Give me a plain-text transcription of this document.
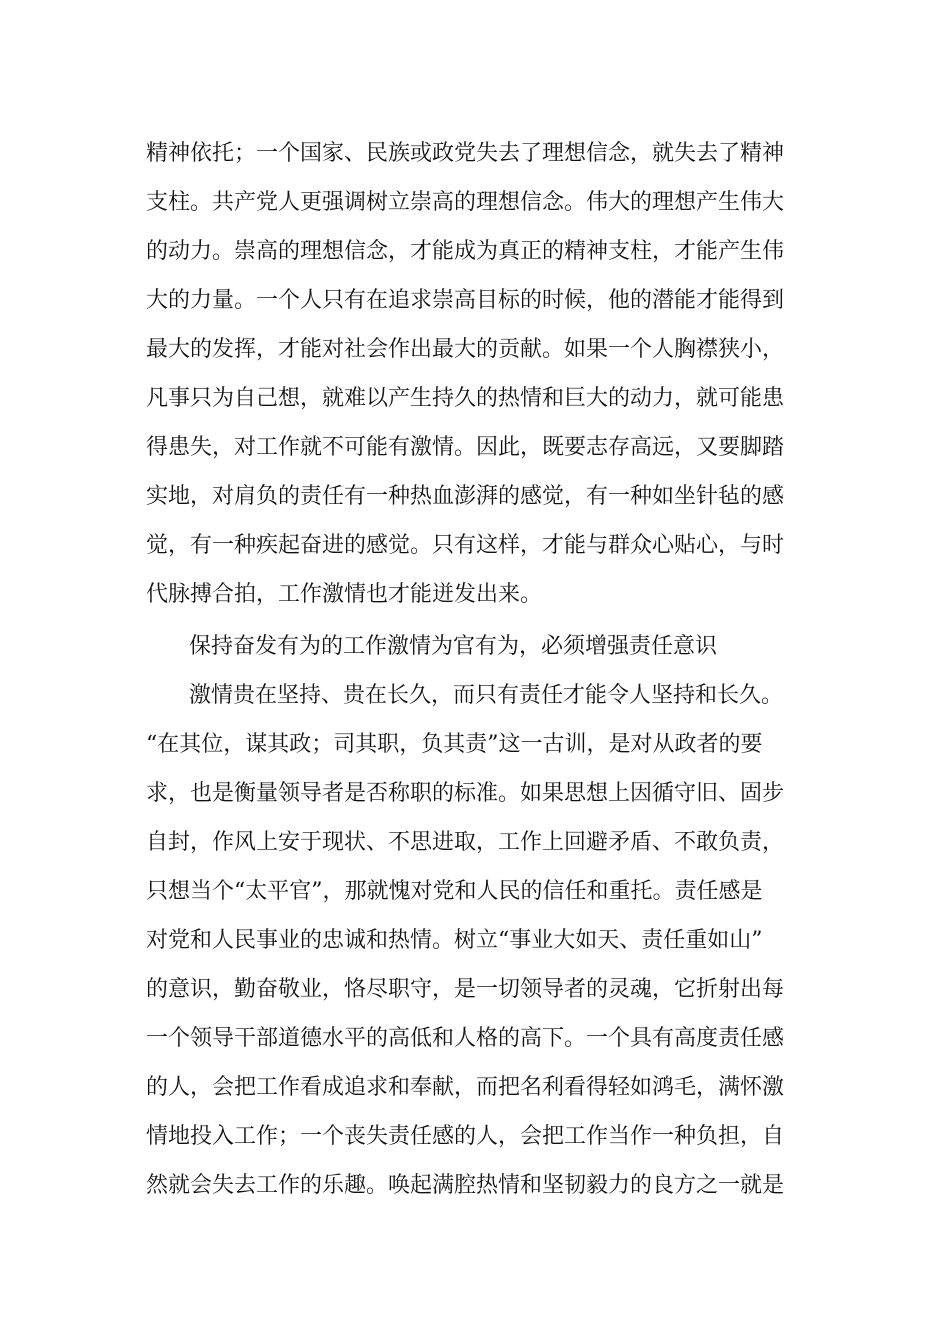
精神依托；一个国家、民族或政党失去了理想信念，就失去了精神
支柱。共产党人更强调树立崇高的理想信念。伟大的理想产生伟大
的动力。崇高的理想信念，才能成为真正的精神支柱，才能产生伟
大的力量。一个人只有在追求崇高目标的时候，他的潜能才能得到
最大的发挥，才能对社会作出最大的贡献。如果一个人胸襟狭小，
凡事只为自己想，就难以产生持久的热情和巨大的动力，就可能患
得患失，对工作就不可能有激情。因此，既要志存高远，又要脚踏
实地，对肩负的责任有一种热血澎湃的感觉，有一种如坐针毡的感
觉，有一种疾起奋进的感觉。只有这样，才能与群众心贴心，与时
代脉搏合拍，工作激情也才能迸发出来。
保持奋发有为的工作激情为官有为，必须增强责任意识
激情贵在坚持、贵在长久，而只有责任才能令人坚持和长久。
“在其位，谋其政；司其职，负其责”这一古训，是对从政者的要
求，也是衡量领导者是否称职的标准。如果思想上因循守旧、固步
自封，作风上安于现状、不思进取，工作上回避矛盾、不敢负责，
只想当个“太平官”，那就愧对党和人民的信任和重托。责任感是
对党和人民事业的忠诚和热情。树立“事业大如天、责任重如山”
的意识，勤奋敬业，恪尽职守，是一切领导者的灵魂，它折射出每
一个领导干部道德水平的高低和人格的高下。一个具有高度责任感
的人，会把工作看成追求和奉献，而把名利看得轻如鸿毛，满怀激
情地投入工作；一个丧失责任感的人，会把工作当作一种负担，自
然就会失去工作的乐趣。唤起满腔热情和坚韧毅力的良方之一就是
